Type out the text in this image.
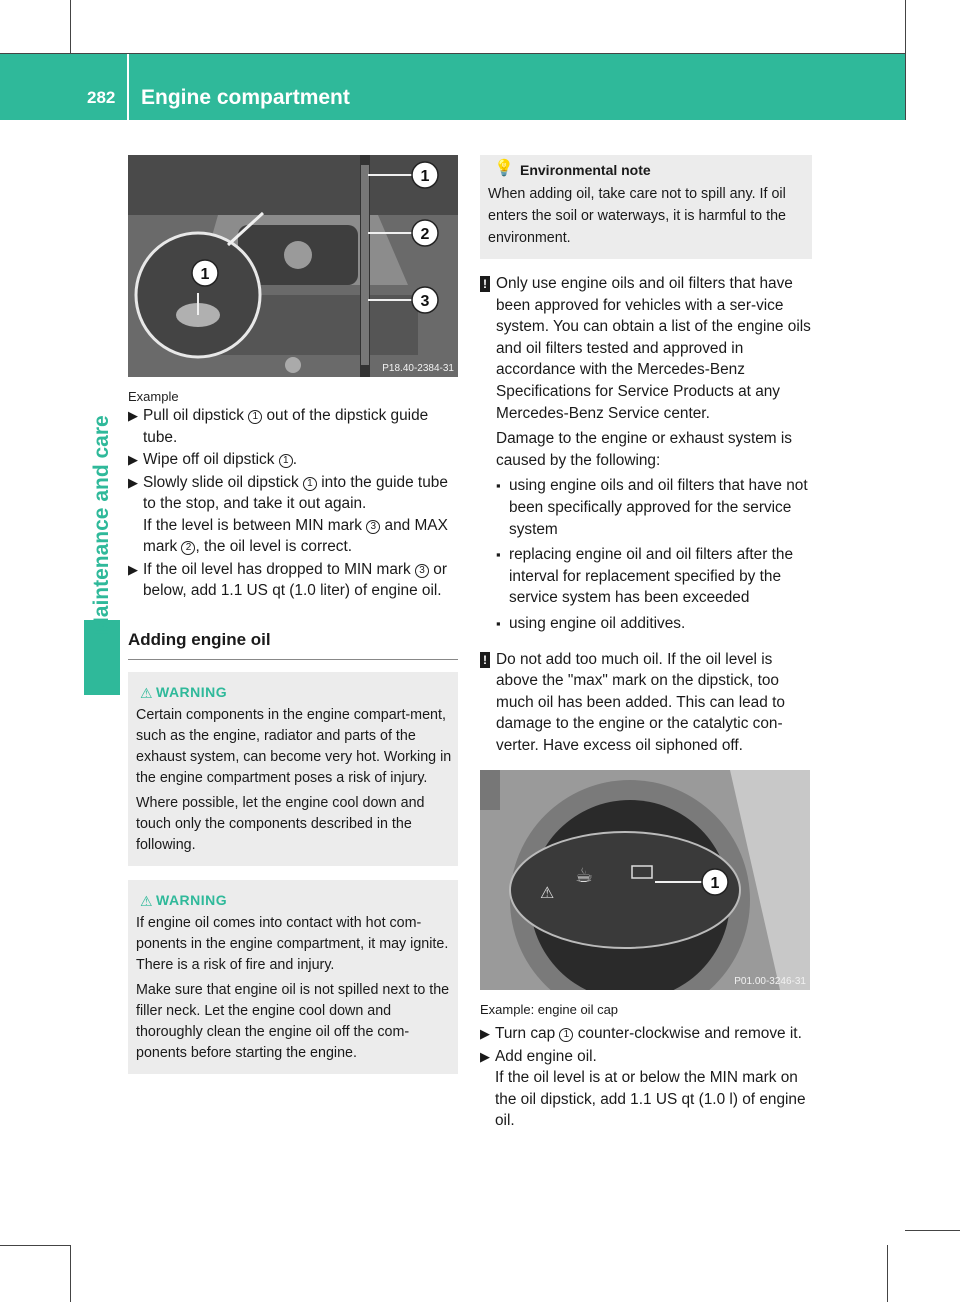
282 Engine compartment
Maintenance and care
1
2
3
1
P18.40-2384-31
Example
▶ Pull oil dipstick 1 out of the dipstick guide tube.
▶ Wipe off oil dipstick 1 .
▶ Slowly slide oil dipstick 1 into the guide tube to the stop, and take it out again.
If the level is between MIN mark 3 and MAX mark 2 , the oil level is correct.
▶ If the oil level has dropped to MIN mark 3 or below, add 1.1 US qt (1.0 liter) of engine oil.
Adding engine oil
⚠ WARNING

Certain components in the engine compart-ment, such as the engine, radiator and parts of the exhaust system, can become very hot. Working in the engine compartment poses a risk of injury.

Where possible, let the engine cool down and touch only the components described in the following.

⚠ WARNING

If engine oil comes into contact with hot com-ponents in the engine compartment, it may ignite. There is a risk of fire and injury.

Make sure that engine oil is not spilled next to the filler neck. Let the engine cool down and thoroughly clean the engine oil off the com-ponents before starting the engine.

💡 Environmental note

When adding oil, take care not to spill any. If oil enters the soil or waterways, it is harmful to the environment.

! Only use engine oils and oil filters that have been approved for vehicles with a ser-vice system. You can obtain a list of the engine oils and oil filters tested and approved in accordance with the Mercedes-Benz Specifications for Service Products at any Mercedes-Benz Service center.

Damage to the engine or exhaust system is caused by the following:

▪ using engine oils and oil filters that have not been specifically approved for the service system
▪ replacing engine oil and oil filters after the interval for replacement specified by the service system has been exceeded
▪ using engine oil additives.
! Do not add too much oil. If the oil level is above the "max" mark on the dipstick, too much oil has been added. This can lead to damage to the engine or the catalytic con-verter. Have excess oil siphoned off.

⚠
☕	1
P01.00-3246-31
Example: engine oil cap
▶ Turn cap 1 counter-clockwise and remove it.
▶ Add engine oil.
If the oil level is at or below the MIN mark on the oil dipstick, add 1.1 US qt (1.0 l) of engine oil.
